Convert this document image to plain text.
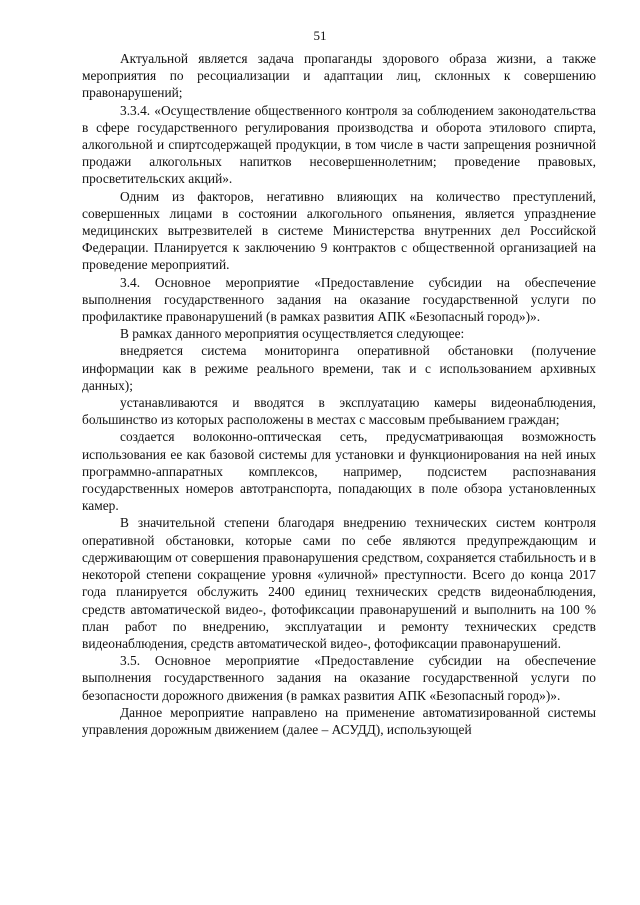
51

Актуальной является задача пропаганды здорового образа жизни, а также мероприятия по ресоциализации и адаптации лиц, склонных к совершению правонарушений;

3.3.4. «Осуществление общественного контроля за соблюдением законодательства в сфере государственного регулирования производства и оборота этилового спирта, алкогольной и спиртсодержащей продукции, в том числе в части запрещения розничной продажи алкогольных напитков несовершеннолетним; проведение правовых, просветительских акций».

Одним из факторов, негативно влияющих на количество преступлений, совершенных лицами в состоянии алкогольного опьянения, является упразднение медицинских вытрезвителей в системе Министерства внутренних дел Российской Федерации. Планируется к заключению 9 контрактов с общественной организацией на проведение мероприятий.

3.4. Основное мероприятие «Предоставление субсидии на обеспечение выполнения государственного задания на оказание государственной услуги по профилактике правонарушений (в рамках развития АПК «Безопасный город»)».

В рамках данного мероприятия осуществляется следующее:

внедряется система мониторинга оперативной обстановки (получение информации как в режиме реального времени, так и с использованием архивных данных);

устанавливаются и вводятся в эксплуатацию камеры видеонаблюдения, большинство из которых расположены в местах с массовым пребыванием граждан;

создается волоконно-оптическая сеть, предусматривающая возможность использования ее как базовой системы для установки и функционирования на ней иных программно-аппаратных комплексов, например, подсистем распознавания государственных номеров автотранспорта, попадающих в поле обзора установленных камер.

В значительной степени благодаря внедрению технических систем контроля оперативной обстановки, которые сами по себе являются предупреждающим и сдерживающим от совершения правонарушения средством, сохраняется стабильность и в некоторой степени сокращение уровня «уличной» преступности. Всего до конца 2017 года планируется обслужить 2400 единиц технических средств видеонаблюдения, средств автоматической видео-, фотофиксации правонарушений и выполнить на 100 % план работ по внедрению, эксплуатации и ремонту технических средств видеонаблюдения, средств автоматической видео-, фотофиксации правонарушений.

3.5. Основное мероприятие «Предоставление субсидии на обеспечение выполнения государственного задания на оказание государственной услуги по безопасности дорожного движения (в рамках развития АПК «Безопасный город»)».

Данное мероприятие направлено на применение автоматизированной системы управления дорожным движением (далее – АСУДД), использующей
